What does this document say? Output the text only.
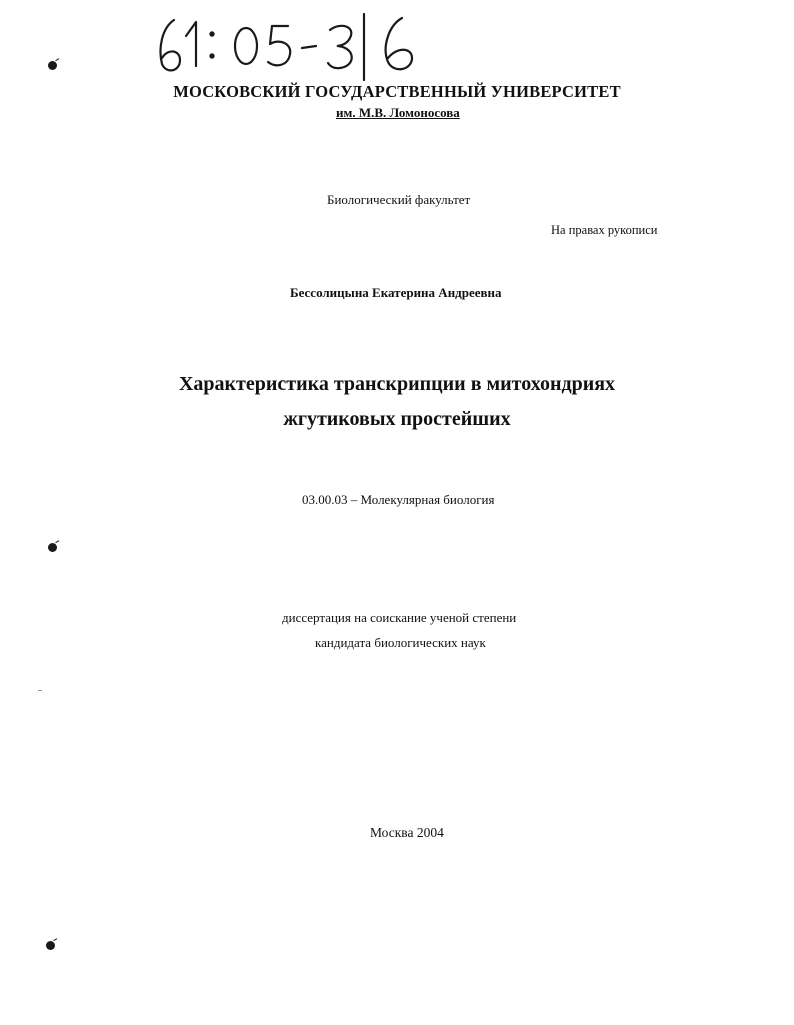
МОСКОВСКИЙ ГОСУДАРСТВЕННЫЙ УНИВЕРСИТЕТ
им. М.В. Ломоносова
Биологический факультет
На правах рукописи
Бессолицына Екатерина Андреевна
Характеристика транскрипции в митохондриях
жгутиковых простейших
03.00.03 – Молекулярная биология
диссертация на соискание ученой степени
кандидата биологических наук
Москва 2004
